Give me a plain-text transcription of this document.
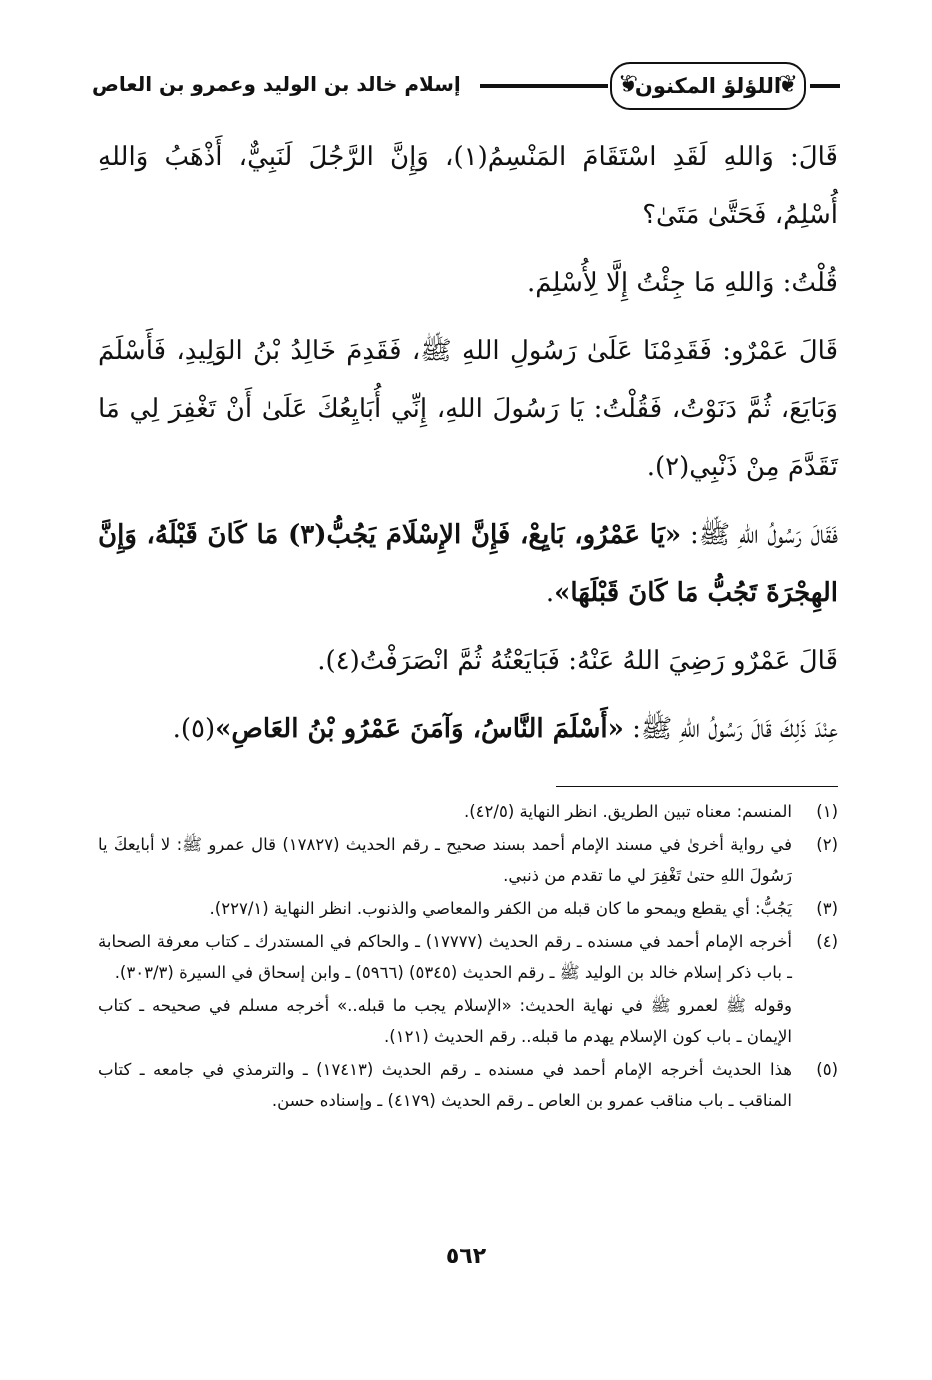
❦ اللؤلؤ المكنون
❦
إسلام خالد بن الوليد وعمرو بن العاص

قَالَ: وَاللهِ لَقَدِ اسْتَقَامَ المَنْسِمُ(١)، وَإِنَّ الرَّجُلَ لَنَبِيٌّ، أَذْهَبُ وَاللهِ أُسْلِمُ، فَحَتَّىٰ مَتَىٰ؟

قُلْتُ: وَاللهِ مَا جِئْتُ إِلَّا لِأُسْلِمَ.

قَالَ عَمْرٌو: فَقَدِمْنَا عَلَىٰ رَسُولِ اللهِ ﷺ، فَقَدِمَ خَالِدُ بْنُ الوَلِيدِ، فَأَسْلَمَ وَبَايَعَ، ثُمَّ دَنَوْتُ، فَقُلْتُ: يَا رَسُولَ اللهِ، إِنِّي أُبَايِعُكَ عَلَىٰ أَنْ تَغْفِرَ لِي مَا تَقَدَّمَ مِنْ ذَنْبِي(٢).

فَقَالَ رَسُولُ اللهِ ﷺ: «يَا عَمْرُو، بَايِعْ، فَإِنَّ الإِسْلَامَ يَجُبُّ(٣) مَا كَانَ قَبْلَهُ، وَإِنَّ الهِجْرَةَ تَجُبُّ مَا كَانَ قَبْلَهَا».

قَالَ عَمْرٌو رَضِيَ اللهُ عَنْهُ: فَبَايَعْتُهُ ثُمَّ انْصَرَفْتُ(٤).

عِنْدَ ذَلِكَ قَالَ رَسُولُ اللهِ ﷺ: «أَسْلَمَ النَّاسُ، وَآمَنَ عَمْرُو بْنُ العَاصِ»(٥).

(١)
المنسم: معناه تبين الطريق. انظر النهاية (٤٢/٥).
(٢)
في رواية أخرىٰ في مسند الإمام أحمد بسند صحيح ـ رقم الحديث (١٧٨٢٧) قال عمرو ﷺ: لا أبايعكَ يا رَسُولَ اللهِ حتىٰ تَغْفِرَ لي ما تقدم من ذنبي.
(٣)
يَجُبُّ: أي يقطع ويمحو ما كان قبله من الكفر والمعاصي والذنوب. انظر النهاية (٢٢٧/١).
(٤)
أخرجه الإمام أحمد في مسنده ـ رقم الحديث (١٧٧٧٧) ـ والحاكم في المستدرك ـ كتاب معرفة الصحابة ـ باب ذكر إسلام خالد بن الوليد ﷺ ـ رقم الحديث (٥٣٤٥) (٥٩٦٦) ـ وابن إسحاق في السيرة (٣٠٣/٣).
وقوله ﷺ لعمرو ﷺ في نهاية الحديث: «الإسلام يجب ما قبله..» أخرجه مسلم في صحيحه ـ كتاب الإيمان ـ باب كون الإسلام يهدم ما قبله.. رقم الحديث (١٢١).
(٥)
هذا الحديث أخرجه الإمام أحمد في مسنده ـ رقم الحديث (١٧٤١٣) ـ والترمذي في جامعه ـ كتاب المناقب ـ باب مناقب عمرو بن العاص ـ رقم الحديث (٤١٧٩) ـ وإسناده حسن.
٥٦٢
